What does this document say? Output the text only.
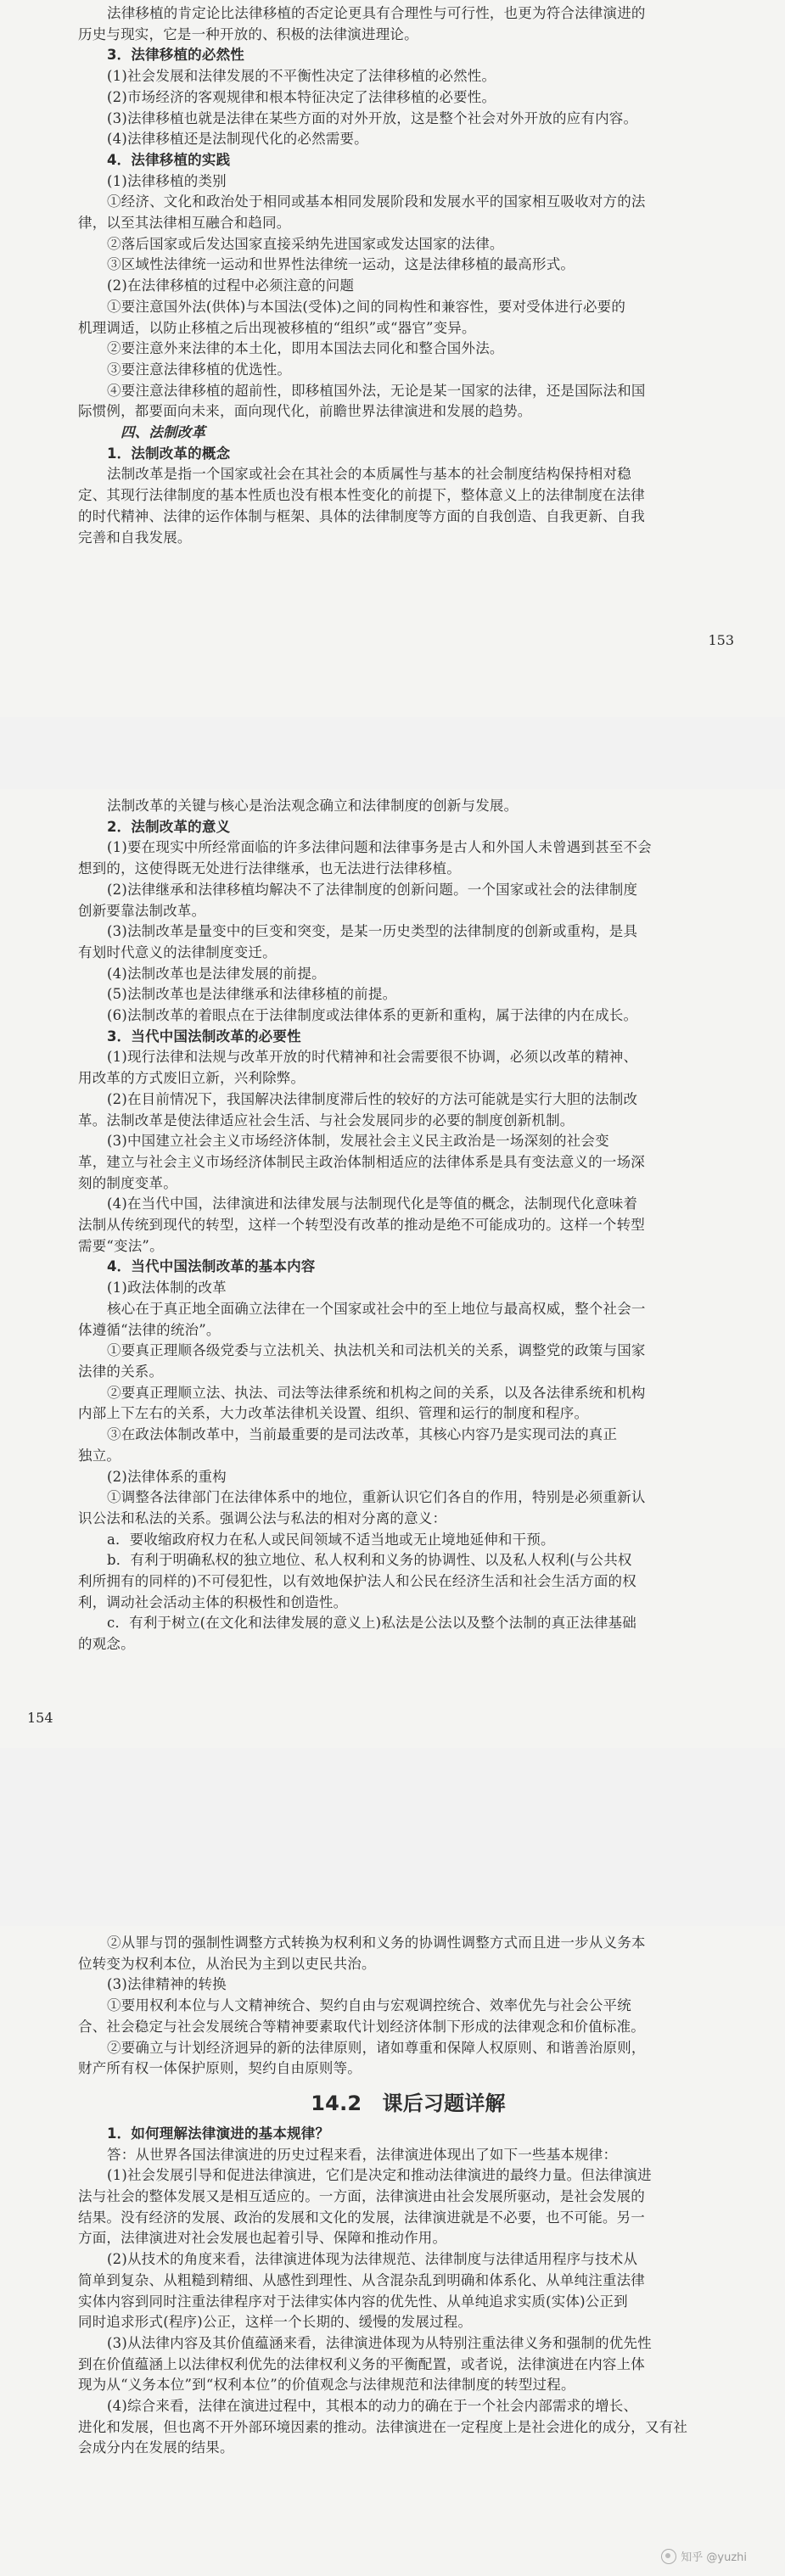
法律移植的肯定论比法律移植的否定论更具有合理性与可行性，也更为符合法律演进的
历史与现实，它是一种开放的、积极的法律演进理论。
3．法律移植的必然性
(1)社会发展和法律发展的不平衡性决定了法律移植的必然性。
(2)市场经济的客观规律和根本特征决定了法律移植的必要性。
(3)法律移植也就是法律在某些方面的对外开放，这是整个社会对外开放的应有内容。
(4)法律移植还是法制现代化的必然需要。
4．法律移植的实践
(1)法律移植的类别
①经济、文化和政治处于相同或基本相同发展阶段和发展水平的国家相互吸收对方的法
律，以至其法律相互融合和趋同。
②落后国家或后发达国家直接采纳先进国家或发达国家的法律。
③区域性法律统一运动和世界性法律统一运动，这是法律移植的最高形式。
(2)在法律移植的过程中必须注意的问题
①要注意国外法(供体)与本国法(受体)之间的同构性和兼容性，要对受体进行必要的
机理调适，以防止移植之后出现被移植的“组织”或“器官”变异。
②要注意外来法律的本土化，即用本国法去同化和整合国外法。
③要注意法律移植的优选性。
④要注意法律移植的超前性，即移植国外法，无论是某一国家的法律，还是国际法和国
际惯例，都要面向未来，面向现代化，前瞻世界法律演进和发展的趋势。
四、法制改革
1．法制改革的概念
法制改革是指一个国家或社会在其社会的本质属性与基本的社会制度结构保持相对稳
定、其现行法律制度的基本性质也没有根本性变化的前提下，整体意义上的法律制度在法律
的时代精神、法律的运作体制与框架、具体的法律制度等方面的自我创造、自我更新、自我
完善和自我发展。
153
法制改革的关键与核心是治法观念确立和法律制度的创新与发展。
2．法制改革的意义
(1)要在现实中所经常面临的许多法律问题和法律事务是古人和外国人未曾遇到甚至不会
想到的，这使得既无处进行法律继承，也无法进行法律移植。
(2)法律继承和法律移植均解决不了法律制度的创新问题。一个国家或社会的法律制度
创新要靠法制改革。
(3)法制改革是量变中的巨变和突变，是某一历史类型的法律制度的创新或重构，是具
有划时代意义的法律制度变迁。
(4)法制改革也是法律发展的前提。
(5)法制改革也是法律继承和法律移植的前提。
(6)法制改革的着眼点在于法律制度或法律体系的更新和重构，属于法律的内在成长。
3．当代中国法制改革的必要性
(1)现行法律和法规与改革开放的时代精神和社会需要很不协调，必须以改革的精神、
用改革的方式废旧立新，兴利除弊。
(2)在目前情况下，我国解决法律制度滞后性的较好的方法可能就是实行大胆的法制改
革。法制改革是使法律适应社会生活、与社会发展同步的必要的制度创新机制。
(3)中国建立社会主义市场经济体制，发展社会主义民主政治是一场深刻的社会变
革，建立与社会主义市场经济体制民主政治体制相适应的法律体系是具有变法意义的一场深
刻的制度变革。
(4)在当代中国，法律演进和法律发展与法制现代化是等值的概念，法制现代化意味着
法制从传统到现代的转型，这样一个转型没有改革的推动是绝不可能成功的。这样一个转型
需要“变法”。
4．当代中国法制改革的基本内容
(1)政法体制的改革
核心在于真正地全面确立法律在一个国家或社会中的至上地位与最高权威，整个社会一
体遵循“法律的统治”。
①要真正理顺各级党委与立法机关、执法机关和司法机关的关系，调整党的政策与国家
法律的关系。
②要真正理顺立法、执法、司法等法律系统和机构之间的关系，以及各法律系统和机构
内部上下左右的关系，大力改革法律机关设置、组织、管理和运行的制度和程序。
③在政法体制改革中，当前最重要的是司法改革，其核心内容乃是实现司法的真正
独立。
(2)法律体系的重构
①调整各法律部门在法律体系中的地位，重新认识它们各自的作用，特别是必须重新认
识公法和私法的关系。强调公法与私法的相对分离的意义：
a．要收缩政府权力在私人或民间领域不适当地或无止境地延伸和干预。
b．有利于明确私权的独立地位、私人权利和义务的协调性、以及私人权利(与公共权
利所拥有的同样的)不可侵犯性，以有效地保护法人和公民在经济生活和社会生活方面的权
利，调动社会活动主体的积极性和创造性。
c．有利于树立(在文化和法律发展的意义上)私法是公法以及整个法制的真正法律基础
的观念。
154
②从罪与罚的强制性调整方式转换为权利和义务的协调性调整方式而且进一步从义务本
位转变为权利本位，从治民为主到以吏民共治。
(3)法律精神的转换
①要用权利本位与人文精神统合、契约自由与宏观调控统合、效率优先与社会公平统
合、社会稳定与社会发展统合等精神要素取代计划经济体制下形成的法律观念和价值标准。
②要确立与计划经济迥异的新的法律原则，诸如尊重和保障人权原则、和谐善治原则，
财产所有权一体保护原则，契约自由原则等。
14.2　课后习题详解
1．如何理解法律演进的基本规律？
答：从世界各国法律演进的历史过程来看，法律演进体现出了如下一些基本规律：
(1)社会发展引导和促进法律演进，它们是决定和推动法律演进的最终力量。但法律演进
法与社会的整体发展又是相互适应的。一方面，法律演进由社会发展所驱动，是社会发展的
结果。没有经济的发展、政治的发展和文化的发展，法律演进就是不必要，也不可能。另一
方面，法律演进对社会发展也起着引导、保障和推动作用。
(2)从技术的角度来看，法律演进体现为法律规范、法律制度与法律适用程序与技术从
简单到复杂、从粗糙到精细、从感性到理性、从含混杂乱到明确和体系化、从单纯注重法律
实体内容到同时注重法律程序对于法律实体内容的优先性、从单纯追求实质(实体)公正到
同时追求形式(程序)公正，这样一个长期的、缓慢的发展过程。
(3)从法律内容及其价值蕴涵来看，法律演进体现为从特别注重法律义务和强制的优先性
到在价值蕴涵上以法律权利优先的法律权利义务的平衡配置，或者说，法律演进在内容上体
现为从“义务本位”到“权利本位”的价值观念与法律规范和法律制度的转型过程。
(4)综合来看，法律在演进过程中，其根本的动力的确在于一个社会内部需求的增长、
进化和发展，但也离不开外部环境因素的推动。法律演进在一定程度上是社会进化的成分，又有社
会成分内在发展的结果。
知乎 @yuzhi
